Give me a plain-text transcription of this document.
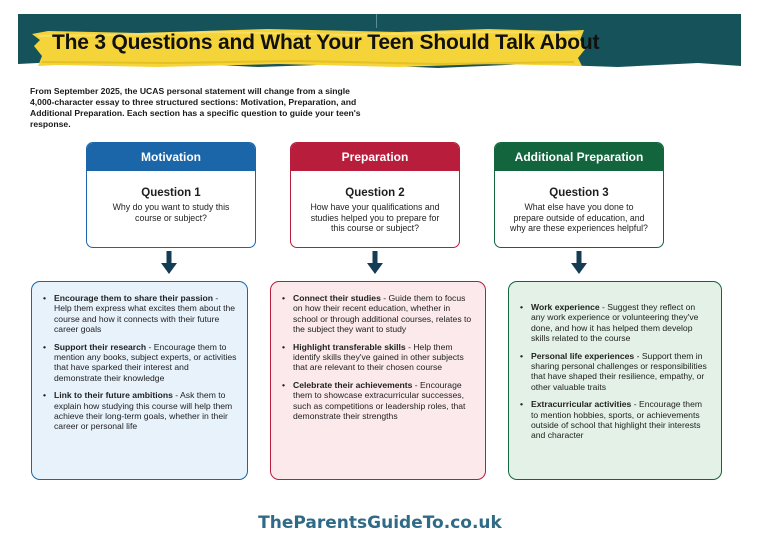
The 3 Questions and What Your Teen Should Talk About
From September 2025, the UCAS personal statement will change from a single 4,000-character essay to three structured sections: Motivation, Preparation, and Additional Preparation. Each section has a specific question to guide your teen's response.
Motivation
Question 1
Why do you want to study this course or subject?
Preparation
Question 2
How have your qualifications and studies helped you to prepare for this course or subject?
Additional Preparation
Question 3
What else have you done to prepare outside of education, and why are these experiences helpful?
• Encourage them to share their passion - Help them express what excites them about the course and how it connects with their future career goals
• Support their research - Encourage them to mention any books, subject experts, or activities that have sparked their interest and demonstrate their knowledge
• Link to their future ambitions - Ask them to explain how studying this course will help them achieve their long-term goals, whether in their career or personal life
• Connect their studies - Guide them to focus on how their recent education, whether in school or through additional courses, relates to the subject they want to study
• Highlight transferable skills - Help them identify skills they've gained in other subjects that are relevant to their chosen course
• Celebrate their achievements - Encourage them to showcase extracurricular successes, such as competitions or leadership roles, that demonstrate their strengths
• Work experience - Suggest they reflect on any work experience or volunteering they've done, and how it has helped them develop skills related to the course
• Personal life experiences - Support them in sharing personal challenges or responsibilities that have shaped their resilience, empathy, or other valuable traits
• Extracurricular activities - Encourage them to mention hobbies, sports, or achievements outside of school that highlight their interests and character
TheParentsGuideTo.co.uk
